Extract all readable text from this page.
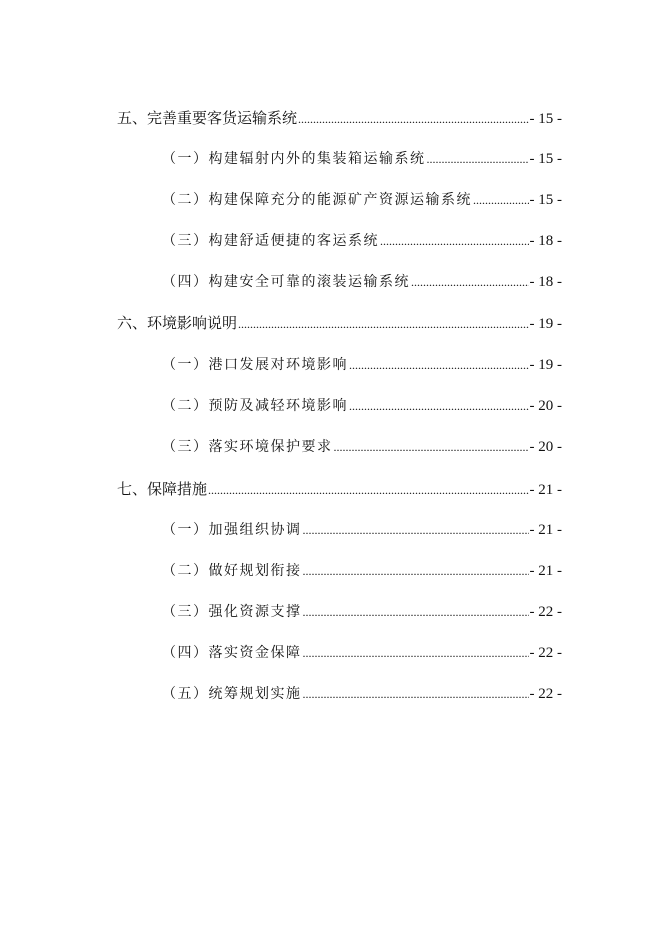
五、完善重要客货运输系统 .....	- 15 -
（一）构建辐射内外的集装箱运输系统 .....	- 15 -
（二）构建保障充分的能源矿产资源运输系统 .....	- 15 -
（三）构建舒适便捷的客运系统 .....	- 18 -
（四）构建安全可靠的滚装运输系统 .....	- 18 -
六、环境影响说明 .....	- 19 -
（一）港口发展对环境影响 .....	- 19 -
（二）预防及减轻环境影响 .....	- 20 -
（三）落实环境保护要求 .....	- 20 -
七、保障措施 .....	- 21 -
（一）加强组织协调 .....	- 21 -
（二）做好规划衔接 .....	- 21 -
（三）强化资源支撑 .....	- 22 -
（四）落实资金保障 .....	- 22 -
（五）统筹规划实施 .....	- 22 -
